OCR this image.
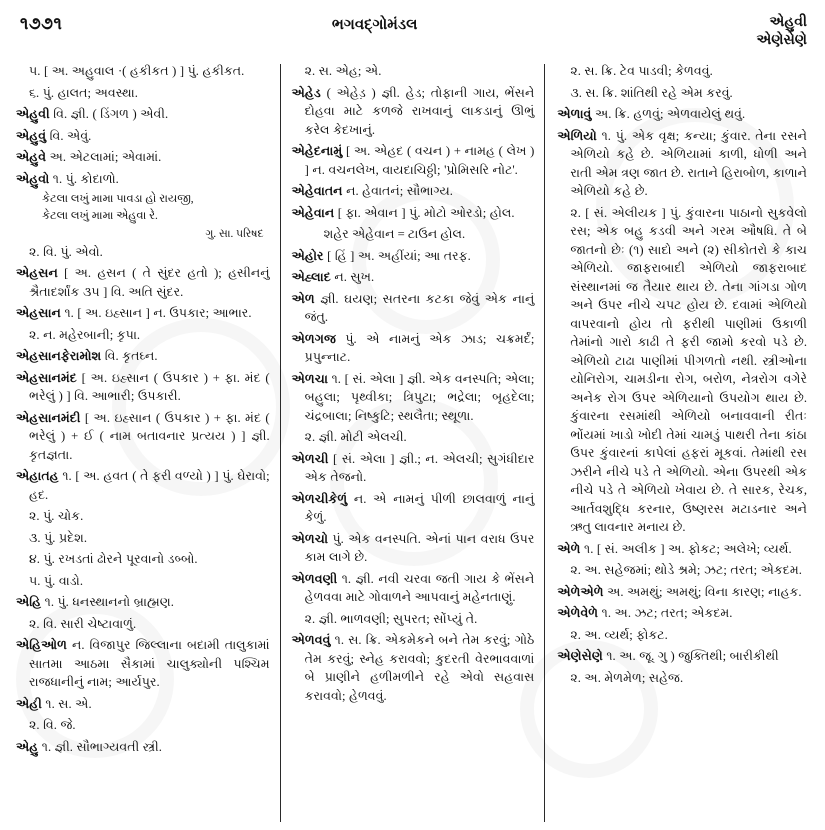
૧૭૭૧	ભગવદ્ગોમંડલ	એહુવી
એણેસેણે

૫. [ અ. અહુવાલ ·( હકીકત ) ] પું. હકીકત.

૬. પું. હાલત; અવસ્થા.

એહુવી વિ. જ્ઞી. ( ડિંગળ ) એવી.

એહુવું વિ. એવું.

એહુવે અ. એટલામાં; એવામાં.

એહુવો ૧. પું. કોદાળો.

કેટલા લખું મામા પાવડા હો રાયજી,
કેટલા લખું મામા એહુવા રે.
ગુ. સા. પરિષદ

૨. વિ. પું. એવો.

એહસન [ અ. હસન ( તે સુંદર હતો ); હસીનનું શ્રૈતાદર્શાંક ૩૫ ] વિ. અતિ સુંદર.

એહસાન ૧. [ અ. ઇહ્સાન ] ન. ઉપકાર; આભાર.

૨. ન. મહેરબાની; કૃપા.

એહસાનફેરામોશ વિ. કૃતઘ્ન.

એહસાનમંદ [ અ. ઇહ્સાન ( ઉપકાર ) + ફા. મંદ ( ભરેલું ) ] વિ. આભારી; ઉપકારી.

એહસાનમંદી [ અ. ઇહ્સાન ( ઉપકાર ) + ફા. મંદ ( ભરેલું ) + ઈ ( નામ બતાવનાર પ્રત્યય ) ] જ્ઞી. કૃતજ્ઞતા.

એહાતહ ૧. [ અ. હવત ( તે ફરી વળ્યો ) ] પું. ઘેરાવો; હદ.

૨. પું. ચોક.

૩. પું. પ્રદેશ.

૪. પું. રખડતાં ઢોરને પૂરવાનો ડબ્બો.

૫. પું. વાડો.

એહિ ૧. પું. ધનસ્થાનનો બ્રાહ્મણ.

૨. વિ. સારી ચેષ્ટાવાળું.

એહિઓળ ન. વિજાપુર જિલ્લાના બદામી તાલુકામાં સાતમા આઠમા સૈકામાં ચાલુક્યોની પશ્ચિમ રાજધાનીનું નામ; આર્યપુર.

એહી ૧. સ. એ.

૨. વિ. જે.

એહુ ૧. જ્ઞી. સૌભાગ્યવતી સ્ત્રી.

૨. સ. એહ; એ.

એહેડ ( એહેડ઼ ) જ્ઞી. હેડ; તોફાની ગાય, ભેંસને દોહવા માટે કળજે રાખવાનું લાકડાનું ઊભું કરેલ કેદખાનું.

એહેદનામું [ અ. એહદ ( વચન ) + નામહ ( લેખ ) ] ન. વચનલેખ, વાયદાચિઠ્ઠી; 'પ્રોમિસરિ નોટ'.

એહેવાતન ન. હેવાતનં; સૌભાગ્ય.

એહેવાન [ ફા. એવાન ] પું. મોટો ઓરડો; હોલ.

શહેર એહેવાન = ટાઉન હોલ.

એહોર [ હિં ] અ. અહીંયાં; આ તરફ.

એહ્લાદ ન. સુખ.

એળ જ્ઞી. ઘયણ; સતરના કટકા જેવું એક નાનું જંતુ.

એળગજ પું. એ નામનું એક ઝાડ; ચક્રમર્દં; પ્રપુન્નાટ.

એળચા ૧. [ સં. એલા ] જ્ઞી. એક વનસ્પતિ; એલા; બહુલા; પૃથ્વીકા; ત્રિપુટા; ભદ્રેલા; બૃહદેલા; ચંદ્રબાલા; નિષ્કુટિ; સ્થલૈતા; સ્થૂળા.

૨. જ્ઞી. મોટી એલચી.

એળચી [ સં. એલા ] જ્ઞી.; ન. એલચી; સુગંધીદાર એક તેજનો.

એળચીકેળું ન. એ નામનું પીળી છાલવાળું નાનું કેળું.

એળચો પું. એક વનસ્પતિ. એનાં પાન વરાધ ઉપર કામ લાગે છે.

એળવણી ૧. જ્ઞી. નવી ચરવા જતી ગાય કે ભેંસને હેળવવા માટે ગોવાળને આપવાનું મહેનતાણું.

૨. જ્ઞી. ભાળવણી; સુપરત; સોંપ્યું તે.

એળવવું ૧. સ. ક્રિ. એકમેકને બને તેમ કરવું; ગોઠે તેમ કરવું; સ્નેહ કરાવવો; કુદરતી વેરભાવવાળાં બે પ્રાણીને હળીમળીને રહે એવો સહવાસ કરાવવો; હેળવવું.

૨. સ. ક્રિ. ટેવ પાડવી; કેળવવું.

૩. સ. ક્રિ. શાંતિથી રહે એમ કરવું.

એળાવું અ. ક્રિ. હળવું; એળવાયેલું થવું.

એળિયો ૧. પું. એક વૃક્ષ; કન્યા; કુંવાર. તેના રસને એળિયો કહે છે. એળિયામાં કાળી, ધોળી અને રાતી એમ ત્રણ જાત છે. રાતાને હિરાબોળ, કાળાને એળિયો કહે છે.

૨. [ સં. એલીયક ] પું. કુંવારના પાઠાનો સુકવેલો રસ; એક બહુ કડવી અને ગરમ ઔષધિ. તે બે જાતનો છેઃ (૧) સાદો અને (૨) સીકોતરો કે કાચ એળિયો. જાફરાબાદી એળિયો જાફરાબાદ સંસ્થાનમાં જ તૈયાર થાય છે. તેના ગાંગડા ગોળ અને ઉપર નીચે ચપટ હોય છે. દવામાં એળિયો વાપરવાનો હોય તો ફરીથી પાણીમાં ઉકાળી તેમાંનો ગારો કાઢી તે ફરી જામો કરવો પડે છે. એળિયો ટાઢા પાણીમાં પીગળતો નથી. સ્ત્રીઓના યોનિરોગ, ચામડીના રોગ, બરોળ, નેત્રરોગ વગેરે અનેક રોગ ઉપર એળિયાનો ઉપયોગ થાય છે. કુંવારના રસમાંથી એળિયો બનાવવાની રીતઃ ભોંયમાં ખાડો ખોદી તેમાં ચામડું પાથરી તેના કાંઠા ઉપર કુંવારનાં કાપેલાં હફરાં મૂકવાં. તેમાંથી રસ ઝરીને નીચે પડે તે એળિયો. એના ઉપરથી એક નીચે પડે તે એળિયો ખેવાય છે. તે સારક, રેચક, આર્તવશુદ્ધિ કરનાર, ઉષ્ણરસ મટાડનાર અને ઋતુ લાવનાર મનાય છે.

એળે ૧. [ સં. અલીક ] અ. ફોકટ; અલેખે; વ્યર્થ.

૨. અ. સહેજમાં; થોડે શ્રમે; ઝટ; તરત; એકદમ.

એળેએળે અ. અમથું; અમથું; વિના કારણ; નાહક.

એળેવેળે ૧. અ. ઝટ; તરત; એકદમ.

૨. અ. વ્યર્થ; ફોકટ.

એણેસેણે ૧. અ. જૂ. ગુ ) જુક્તિથી; બારીકીથી

૨. અ. મેળમેળ; સહેજ.
